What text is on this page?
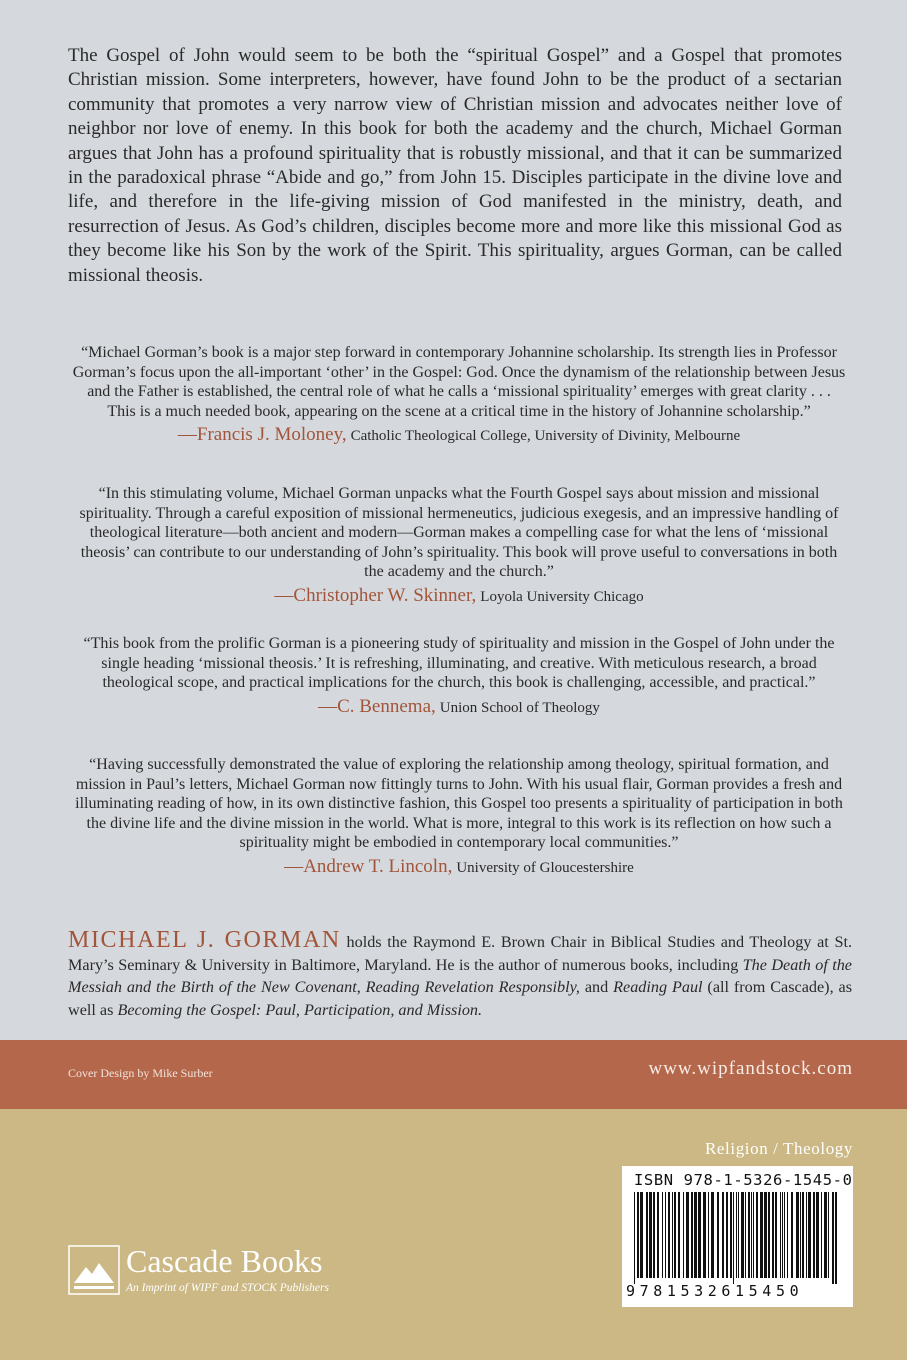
The Gospel of John would seem to be both the “spiritual Gospel” and a Gospel that promotes Christian mission. Some interpreters, however, have found John to be the product of a sectarian community that promotes a very narrow view of Christian mission and advocates neither love of neighbor nor love of enemy. In this book for both the academy and the church, Michael Gorman argues that John has a profound spirituality that is robustly missional, and that it can be summarized in the paradoxical phrase “Abide and go,” from John 15. Disciples participate in the divine love and life, and therefore in the life-giving mission of God manifested in the ministry, death, and resurrection of Jesus. As God’s children, disciples become more and more like this missional God as they become like his Son by the work of the Spirit. This spirituality, argues Gorman, can be called missional theosis.

“Michael Gorman’s book is a major step forward in contemporary Johannine scholarship. Its strength lies in Professor Gorman’s focus upon the all-important ‘other’ in the Gospel: God. Once the dynamism of the relationship between Jesus and the Father is established, the central role of what he calls a ‘missional spirituality’ emerges with great clarity . . . This is a much needed book, appearing on the scene at a critical time in the history of Johannine scholarship.”

—Francis J. Moloney, Catholic Theological College, University of Divinity, Melbourne

“In this stimulating volume, Michael Gorman unpacks what the Fourth Gospel says about mission and missional spirituality. Through a careful exposition of missional hermeneutics, judicious exegesis, and an impressive handling of theological literature—both ancient and modern—Gorman makes a compelling case for what the lens of ‘missional theosis’ can contribute to our understanding of John’s spirituality. This book will prove useful to conversations in both the academy and the church.”

—Christopher W. Skinner, Loyola University Chicago

“This book from the prolific Gorman is a pioneering study of spirituality and mission in the Gospel of John under the single heading ‘missional theosis.’ It is refreshing, illuminating, and creative. With meticulous research, a broad theological scope, and practical implications for the church, this book is challenging, accessible, and practical.”

—C. Bennema, Union School of Theology

“Having successfully demonstrated the value of exploring the relationship among theology, spiritual formation, and mission in Paul’s letters, Michael Gorman now fittingly turns to John. With his usual flair, Gorman provides a fresh and illuminating reading of how, in its own distinctive fashion, this Gospel too presents a spirituality of participation in both the divine life and the divine mission in the world. What is more, integral to this work is its reflection on how such a spirituality might be embodied in contemporary local communities.”

—Andrew T. Lincoln, University of Gloucestershire

MICHAEL J. GORMAN holds the Raymond E. Brown Chair in Biblical Studies and Theology at St. Mary’s Seminary & University in Baltimore, Maryland. He is the author of numerous books, including The Death of the Messiah and the Birth of the New Covenant, Reading Revelation Responsibly, and Reading Paul (all from Cascade), as well as Becoming the Gospel: Paul, Participation, and Mission.

Cover Design by Mike Surber	www.wipfandstock.com
Religion / Theology
ISBN 978-1-5326-1545-0
9781532615450
Cascade Books
An Imprint of WIPF and STOCK Publishers
